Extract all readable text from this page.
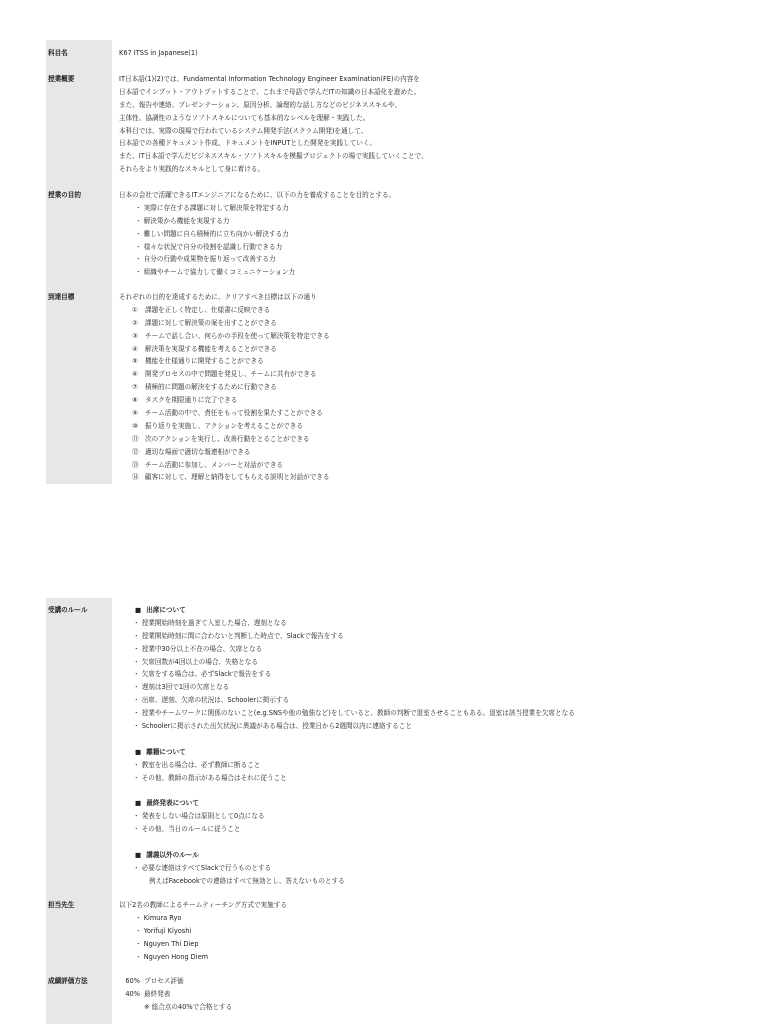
科目名	K67 ITSS in Japanese(1)
授業概要	IT日本語(1)(2)では、Fundamental Information Technology Engineer Examination(FE)の内容を
日本語でインプット・アウトプットすることで、これまで母語で学んだITの知識の日本語化を進めた。
また、報告や連絡、プレゼンテーション、原因分析、論理的な話し方などのビジネススキルや、
主体性、協調性のようなソフトスキルについても基本的なレベルを理解・実践した。
本科目では、実際の現場で行われているシステム開発手法(スクラム開発)を通して、
日本語での各種ドキュメント作成、ドキュメントをINPUTとした開発を実践していく。
また、IT日本語で学んだビジネススキル・ソフトスキルを模擬プロジェクトの場で実践していくことで、
それらをより実践的なスキルとして身に着ける。
授業の目的	日本の会社で活躍できるITエンジニアになるために、以下の力を養成することを目的とする。
・ 実際に存在する課題に対して解決策を特定する力
・ 解決策から機能を実現する力
・ 難しい問題に自ら積極的に立ち向かい解決する力
・ 様々な状況で自分の役割を認識し行動できる力
・ 自分の行動や成果物を振り返って改善する力
・ 組織やチームで協力して働くコミュニケーション力
到達目標	それぞれの目的を達成するために、クリアすべき目標は以下の通り
① 課題を正しく特定し、仕様書に反映できる
② 課題に対して解決策の案を出すことができる
③ チームで話し合い、何らかの手段を使って解決策を特定できる
④ 解決策を実現する機能を考えることができる
⑤ 機能を仕様通りに開発することができる
⑥ 開発プロセスの中で問題を発見し、チームに共有ができる
⑦ 積極的に問題の解決をするために行動できる
⑧ タスクを期限通りに完了できる
⑨ チーム活動の中で、責任をもって役割を果たすことができる
⑩ 振り返りを実施し、アクションを考えることができる
⑪ 次のアクションを実行し、改善行動をとることができる
⑫ 適切な場面で適切な報連相ができる
⑬ チーム活動に参加し、メンバーと対話ができる
⑭ 顧客に対して、理解と納得をしてもらえる説明と対話ができる
受講のルール
■	出席について
・ 授業開始時刻を過ぎて入室した場合、遅刻となる
・ 授業開始時刻に間に合わないと判断した時点で、Slackで報告をする
・ 授業中30分以上不在の場合、欠席となる
・ 欠席回数が4回以上の場合、失格となる
・ 欠席をする場合は、必ずSlackで報告をする
・ 遅刻は3回で1回の欠席となる
・ 出席、遅刻、欠席の状況は、Schoolerに掲示する
・ 授業やチームワークに関係のないこと(e.g.SNSや他の勉強など)をしていると、教師の判断で退室させることもある。退室は該当授業を欠席となる
・ Schoolerに掲示された出欠状況に異議がある場合は、授業日から2週間以内に連絡すること
■ 離籍について
・ 教室を出る場合は、必ず教師に断ること
・ その他、教師の指示がある場合はそれに従うこと
■ 最終発表について
・ 発表をしない場合は原則として0点になる
・ その他、当日のルールに従うこと
■ 講義以外のルール
・ 必要な連絡はすべてSlackで行うものとする
例えばFacebookでの連絡はすべて無効とし、答えないものとする
担当先生	以下2名の教師によるチームティーチング方式で実施する
・ Kimura Ryo
・ Yorifuji Kiyoshi
・ Nguyen Thi Diep
・ Nguyen Hong Diem
成績評価方法	60% プロセス評価
40% 最終発表
※ 総合点の40%で合格とする
